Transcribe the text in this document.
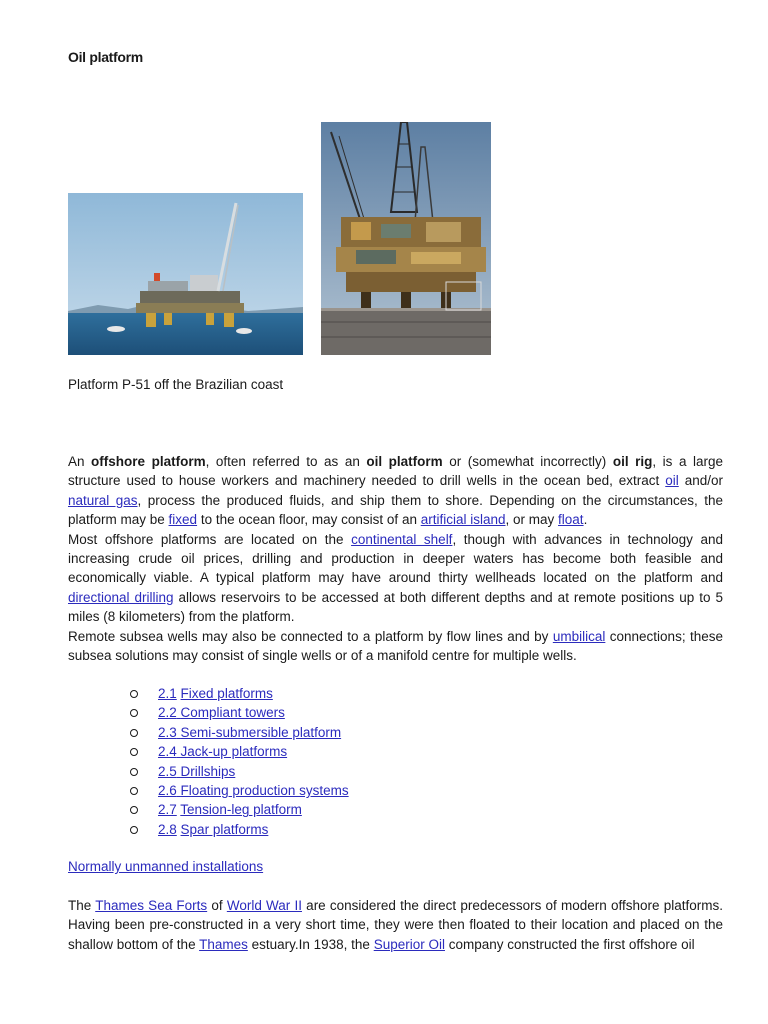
Oil platform
Platform P-51 off the Brazilian coast

An offshore platform, often referred to as an oil platform or (somewhat incorrectly) oil rig, is a large structure used to house workers and machinery needed to drill wells in the ocean bed, extract oil and/or natural gas, process the produced fluids, and ship them to shore. Depending on the circumstances, the platform may be fixed to the ocean floor, may consist of an artificial island, or may float.
Most offshore platforms are located on the continental shelf, though with advances in technology and increasing crude oil prices, drilling and production in deeper waters has become both feasible and economically viable. A typical platform may have around thirty wellheads located on the platform and directional drilling allows reservoirs to be accessed at both different depths and at remote positions up to 5 miles (8 kilometers) from the platform.
Remote subsea wells may also be connected to a platform by flow lines and by umbilical connections; these subsea solutions may consist of single wells or of a manifold centre for multiple wells.

2.1 Fixed platforms
2.2 Compliant towers
2.3 Semi-submersible platform
2.4 Jack-up platforms
2.5 Drillships
2.6 Floating production systems
2.7 Tension-leg platform
2.8 Spar platforms
Normally unmanned installations

The Thames Sea Forts of World War II are considered the direct predecessors of modern offshore platforms. Having been pre-constructed in a very short time, they were then floated to their location and placed on the shallow bottom of the Thames estuary.In 1938, the Superior Oil company constructed the first offshore oil
